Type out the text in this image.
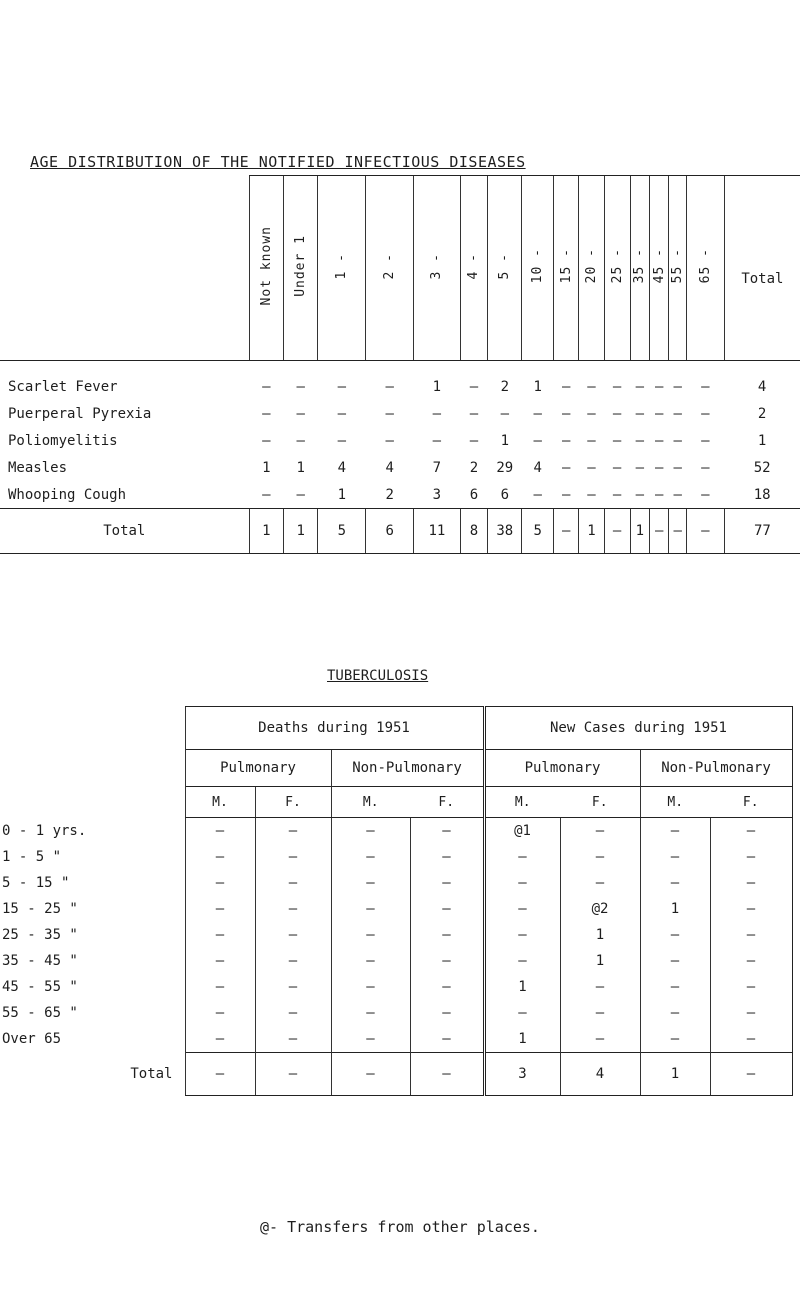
AGE DISTRIBUTION OF THE NOTIFIED INFECTIOUS DISEASES
	Not known	Under 1	1 -	2 -	3 -	4 -	5 -	10 -	15 -	20 -	25 -	35 -	45 -	55 -	65 -	Total
Scarlet Fever	—	—	—	—	1	—	2	1	—	—	—	—	—	—	—	4
Puerperal Pyrexia	—	—	—	—	—	—	—	—	—	—	—	—	—	—	—	2
Poliomyelitis	—	—	—	—	—	—	1	—	—	—	—	—	—	—	—	1
Measles	1	1	4	4	7	2	29	4	—	—	—	—	—	—	—	52
Whooping Cough	—	—	1	2	3	6	6	—	—	—	—	—	—	—	—	18
Total	1	1	5	6	11	8	38	5	—	1	—	1	—	—	—	77
TUBERCULOSIS
	Deaths during 1951				New Cases during 1951			
	Pulmonary		Non-Pulmonary		Pulmonary		Non-Pulmonary	
	M.	F.	M.	F.	M.	F.	M.	F.
0 - 1 yrs.	—	—	—	—	@1	—	—	—
1 - 5 "	—	—	—	—	—	—	—	—
5 - 15 "	—	—	—	—	—	—	—	—
15 - 25 "	—	—	—	—	—	@2	1	—
25 - 35 "	—	—	—	—	—	1	—	—
35 - 45 "	—	—	—	—	—	1	—	—
45 - 55 "	—	—	—	—	1	—	—	—
55 - 65 "	—	—	—	—	—	—	—	—
Over 65	—	—	—	—	1	—	—	—
Total	—	—	—	—	3	4	1	—
@- Transfers from other places.
